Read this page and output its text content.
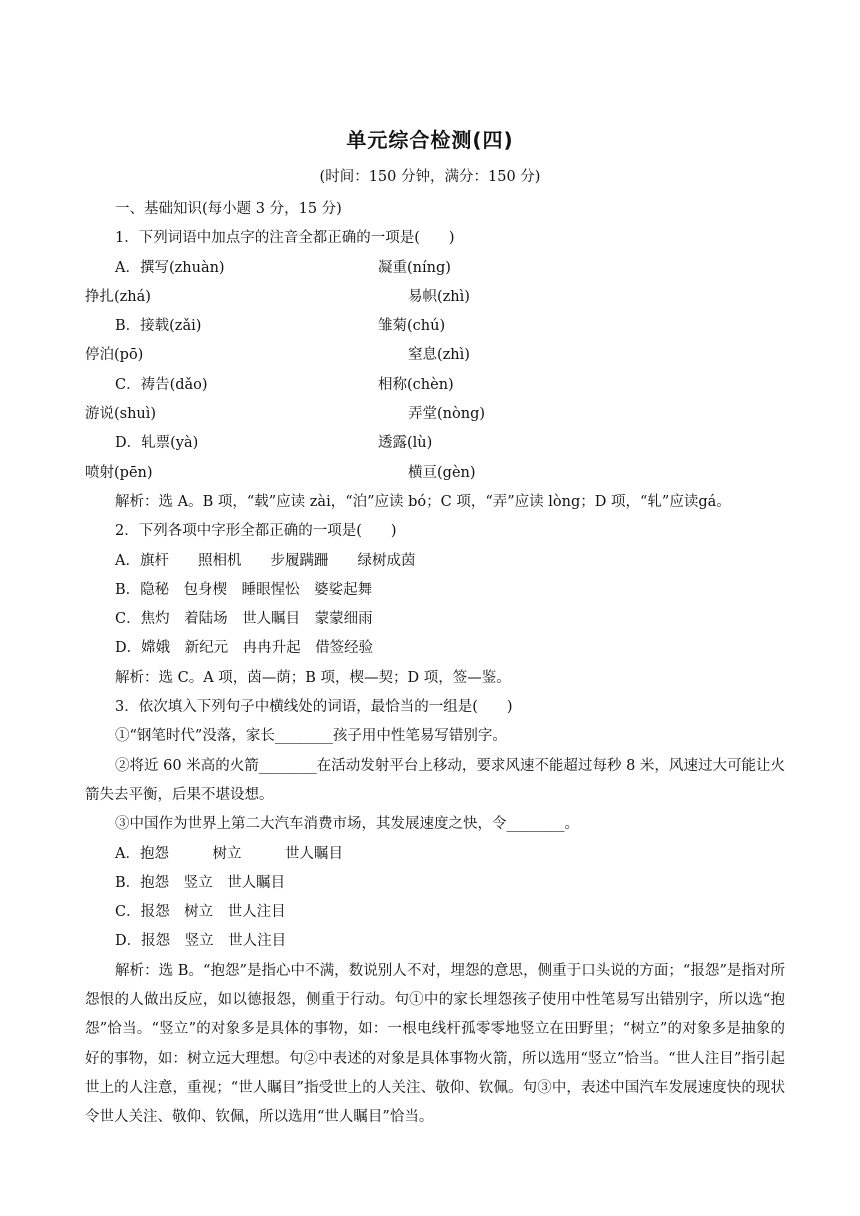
单元综合检测(四)
(时间：150 分钟，满分：150 分)
一、基础知识(每小题 3 分，15 分)
1．下列词语中加点字的注音全都正确的一项是(　　)
A．撰写(zhuàn)	凝重(níng)
挣扎(zhá)	易帜(zhì)
B．接载(zǎi)	雏菊(chú)
停泊(pō)	窒息(zhì)
C．祷告(dǎo)	相称(chèn)
游说(shuì)	弄堂(nòng)
D．轧票(yà)	透露(lù)
喷射(pēn)	横亘(gèn)
解析：选 A。B 项，“载”应读 zài，“泊”应读 bó；C 项，“弄”应读 lòng；D 项，“轧”应读gá。
2．下列各项中字形全都正确的一项是(　　)
A．旗杆　　照相机　　步履蹒跚　　绿树成茵
B．隐秘　包身楔　睡眼惺忪　婆娑起舞
C．焦灼　着陆场　世人瞩目　蒙蒙细雨
D．嫦娥　新纪元　冉冉升起　借签经验
解析：选 C。A 项，茵—荫；B 项，楔—契；D 项，签—鉴。
3．依次填入下列句子中横线处的词语，最恰当的一组是(　　)
①“钢笔时代”没落，家长________孩子用中性笔易写错别字。
②将近 60 米高的火箭________在活动发射平台上移动，要求风速不能超过每秒 8 米，风速过大可能让火箭失去平衡，后果不堪设想。
③中国作为世界上第二大汽车消费市场，其发展速度之快，令________。
A．抱怨　　　树立　　　世人瞩目
B．抱怨　竖立　世人瞩目
C．报怨　树立　世人注目
D．报怨　竖立　世人注目
解析：选 B。“抱怨”是指心中不满，数说别人不对，埋怨的意思，侧重于口头说的方面；“报怨”是指对所怨恨的人做出反应，如以德报怨，侧重于行动。句①中的家长埋怨孩子使用中性笔易写出错别字，所以选“抱怨”恰当。“竖立”的对象多是具体的事物，如：一根电线杆孤零零地竖立在田野里；“树立”的对象多是抽象的好的事物，如：树立远大理想。句②中表述的对象是具体事物火箭，所以选用“竖立”恰当。“世人注目”指引起世上的人注意，重视；“世人瞩目”指受世上的人关注、敬仰、钦佩。句③中，表述中国汽车发展速度快的现状令世人关注、敬仰、钦佩，所以选用“世人瞩目”恰当。
